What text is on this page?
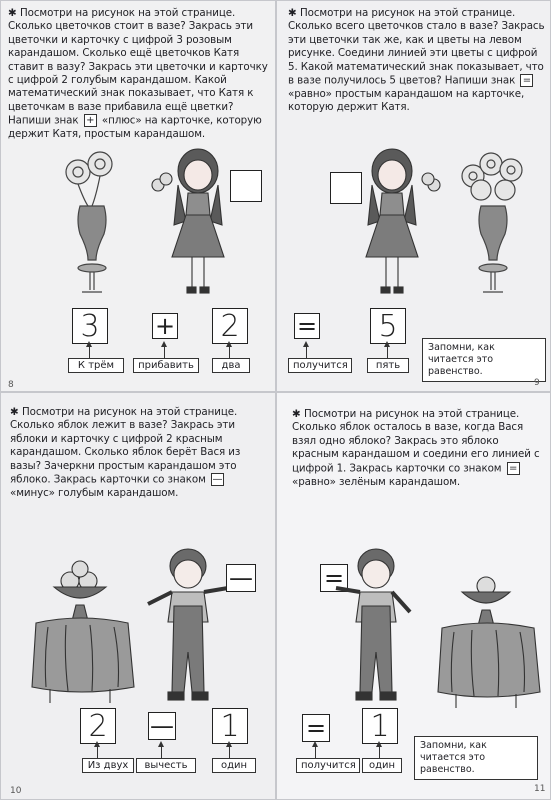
✱ Посмотри на рисунок на этой странице. Сколько цветочков стоит в вазе? Закрась эти цветочки и карточку с цифрой 3 розовым карандашом. Сколько ещё цветочков Катя ставит в вазу? Закрась эти цветочки и карточку с цифрой 2 голубым карандашом. Какой математический знак показывает, что Катя к цветочкам в вазе прибавила ещё цветки? Напиши знак + «плюс» на карточке, которую держит Катя, простым карандашом.
3	+ 2
К трём	прибавить	два
8
✱ Посмотри на рисунок на этой странице. Сколько всего цветочков стало в вазе? Закрась эти цветочки так же, как и цветы на левом рисунке. Соедини линией эти цветы с цифрой 5. Какой математический знак показывает, что в вазе получилось 5 цветов? Напиши знак = «равно» простым карандашом на карточке, которую держит Катя.
= 5
получится	пять
Запомни, как читается это равенство.
9
✱ Посмотри на рисунок на этой странице. Сколько яблок лежит в вазе? Закрась эти яблоки и карточку с цифрой 2 красным карандашом. Сколько яблок берёт Вася из вазы? Зачеркни простым карандашом это яблоко. Закрась карточки со знаком — «минус» голубым карандашом.
—
2	— 1
Из двух	вычесть	один
10
✱ Посмотри на рисунок на этой странице. Сколько яблок осталось в вазе, когда Вася взял одно яблоко? Закрась это яблоко красным карандашом и соедини его линией с цифрой 1. Закрась карточки со знаком = «равно» зелёным карандашом.
=
= 1
получится	один
Запомни, как читается это равенство.
11
